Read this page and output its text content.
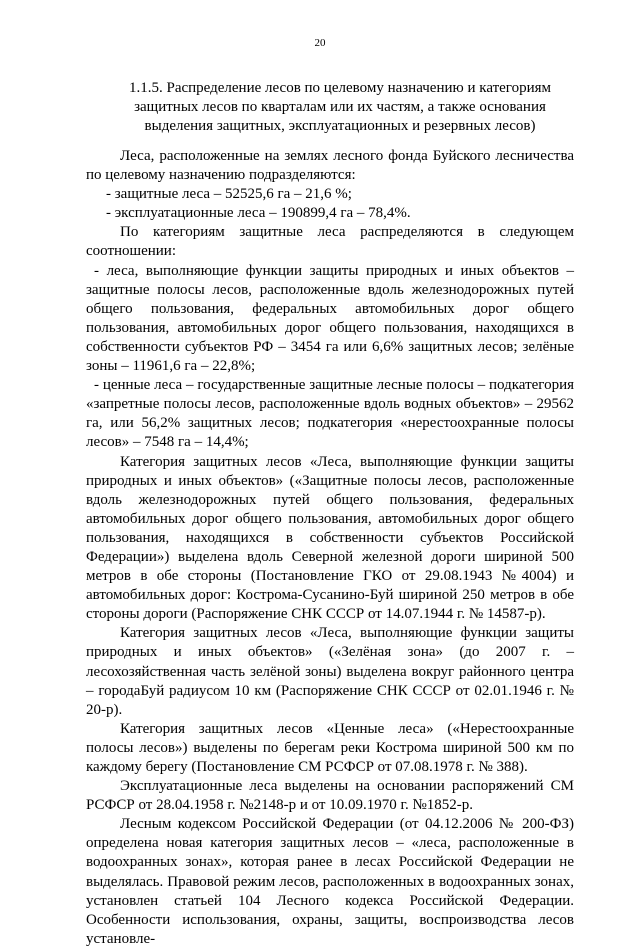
20
1.1.5. Распределение лесов по целевому назначению и категориям защитных лесов по кварталам или их частям, а также основания выделения защитных, эксплуатационных и резервных лесов)

Леса, расположенные на землях лесного фонда Буйского лесничества по целевому назначению подразделяются:

- защитные леса – 52525,6 га – 21,6 %;

- эксплуатационные леса – 190899,4 га – 78,4%.

По категориям защитные леса распределяются в следующем соотношении:

- леса, выполняющие функции защиты природных и иных объектов – защитные полосы лесов, расположенные вдоль железнодорожных путей общего пользования, федеральных автомобильных дорог общего пользования, автомобильных дорог общего пользования, находящихся в собственности субъектов РФ – 3454 га или 6,6% защитных лесов; зелёные зоны – 11961,6 га – 22,8%;

- ценные леса – государственные защитные лесные полосы – подкатегория «запретные полосы лесов, расположенные вдоль водных объектов» – 29562 га, или 56,2% защитных лесов; подкатегория «нерестоохранные полосы лесов» – 7548 га – 14,4%;

Категория защитных лесов «Леса, выполняющие функции защиты природных и иных объектов» («Защитные полосы лесов, расположенные вдоль железнодорожных путей общего пользования, федеральных автомобильных дорог общего пользования, автомобильных дорог общего пользования, находящихся в собственности субъектов Российской Федерации») выделена вдоль Северной железной дороги шириной 500 метров в обе стороны (Постановление ГКО от 29.08.1943 №4004) и автомобильных дорог: Кострома-Сусанино-Буй шириной 250 метров в обе стороны дороги (Распоряжение СНК СССР от 14.07.1944 г. № 14587-р).

Категория защитных лесов «Леса, выполняющие функции защиты природных и иных объектов» («Зелёная зона» (до 2007 г. – лесохозяйственная часть зелёной зоны) выделена вокруг районного центра – городаБуй радиусом 10 км (Распоряжение СНК СССР от 02.01.1946 г. № 20-р).

Категория защитных лесов «Ценные леса» («Нерестоохранные полосы лесов») выделены по берегам реки Кострома шириной 500 км по каждому берегу (Постановление СМ РСФСР от 07.08.1978 г. № 388).

Эксплуатационные леса выделены на основании распоряжений СМ РСФСР от 28.04.1958 г. №2148-р и от 10.09.1970 г. №1852-р.

Лесным кодексом Российской Федерации (от 04.12.2006 № 200-ФЗ) определена новая категория защитных лесов – «леса, расположенные в водоохранных зонах», которая ранее в лесах Российской Федерации не выделялась. Правовой режим лесов, расположенных в водоохранных зонах, установлен статьей 104 Лесного кодекса Российской Федерации. Особенности использования, охраны, защиты, воспроизводства лесов установле-
